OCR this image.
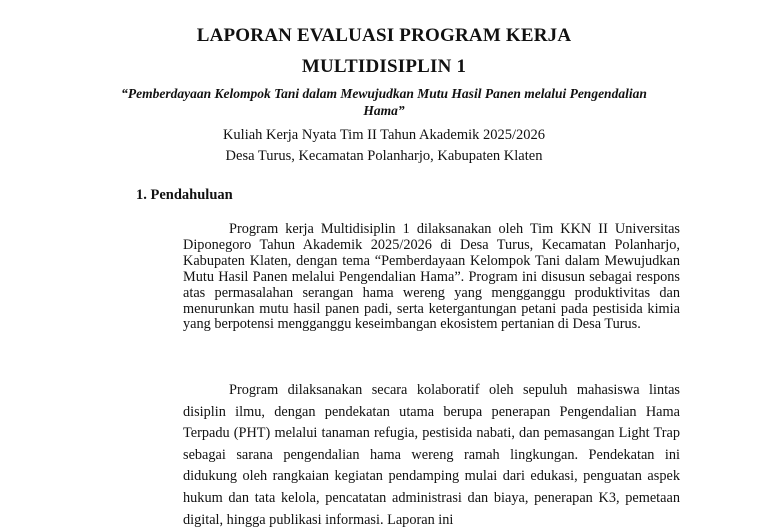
LAPORAN EVALUASI PROGRAM KERJA
MULTIDISIPLIN 1
“Pemberdayaan Kelompok Tani dalam Mewujudkan Mutu Hasil Panen melalui Pengendalian Hama”
Kuliah Kerja Nyata Tim II Tahun Akademik 2025/2026
Desa Turus, Kecamatan Polanharjo, Kabupaten Klaten
1. Pendahuluan

Program kerja Multidisiplin 1 dilaksanakan oleh Tim KKN II Universitas Diponegoro Tahun Akademik 2025/2026 di Desa Turus, Kecamatan Polanharjo, Kabupaten Klaten, dengan tema “Pemberdayaan Kelompok Tani dalam Mewujudkan Mutu Hasil Panen melalui Pengendalian Hama”. Program ini disusun sebagai respons atas permasalahan serangan hama wereng yang mengganggu produktivitas dan menurunkan mutu hasil panen padi, serta ketergantungan petani pada pestisida kimia yang berpotensi mengganggu keseimbangan ekosistem pertanian di Desa Turus.

Program dilaksanakan secara kolaboratif oleh sepuluh mahasiswa lintas disiplin ilmu, dengan pendekatan utama berupa penerapan Pengendalian Hama Terpadu (PHT) melalui tanaman refugia, pestisida nabati, dan pemasangan Light Trap sebagai sarana pengendalian hama wereng ramah lingkungan. Pendekatan ini didukung oleh rangkaian kegiatan pendamping mulai dari edukasi, penguatan aspek hukum dan tata kelola, pencatatan administrasi dan biaya, penerapan K3, pemetaan digital, hingga publikasi informasi. Laporan ini
